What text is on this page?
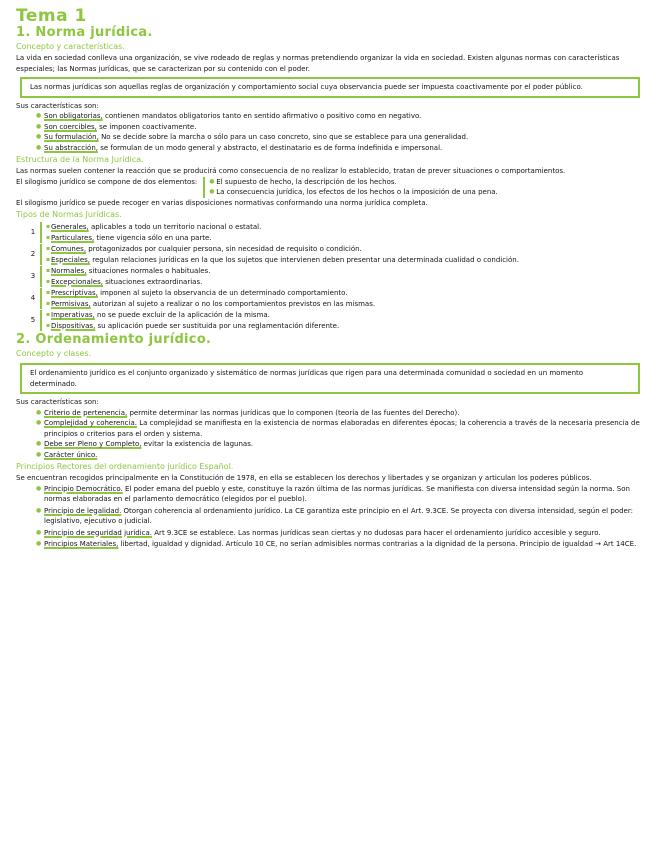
Tema 1
1. Norma jurídica.
Concepto y características.

La vida en sociedad conlleva una organización, se vive rodeado de reglas y normas pretendiendo organizar la vida en sociedad. Existen algunas normas con características especiales; las Normas jurídicas, que se caracterizan por su contenido con el poder.

Las normas jurídicas son aquellas reglas de organización y comportamiento social cuya observancia puede ser impuesta coactivamente por el poder público.
Sus características son:
● Son obligatorias, contienen mandatos obligatorios tanto en sentido afirmativo o positivo como en negativo.
● Son coercibles, se imponen coactivamente.
● Su formulación, No se decide sobre la marcha o sólo para un caso concreto, sino que se establece para una generalidad.
● Su abstracción, se formulan de un modo general y abstracto, el destinatario es de forma indefinida e impersonal.
Estructura de la Norma Jurídica.

Las normas suelen contener la reacción que se producirá como consecuencia de no realizar lo establecido, tratan de prever situaciones o comportamientos.

El silogismo jurídico se compone de dos elementos:
●	El supuesto de hecho, la descripción de los hechos.
● La consecuencia jurídica, los efectos de los hechos o la imposición de una pena.

El silogismo jurídico se puede recoger en varias disposiciones normativas conformando una norma jurídica completa.

Tipos de Normas Jurídicas.
1
▪ Generales, aplicables a todo un territorio nacional o estatal.
▪ Particulares, tiene vigencia sólo en una parte.
2
▪ Comunes, protagonizados por cualquier persona, sin necesidad de requisito o condición.
▪ Especiales, regulan relaciones jurídicas en la que los sujetos que intervienen deben presentar una determinada cualidad o condición.
3
▪ Normales, situaciones normales o habituales.
▪ Excepcionales, situaciones extraordinarias.
4
▪ Prescriptivas, imponen al sujeto la observancia de un determinado comportamiento.
▪ Permisivas, autorizan al sujeto a realizar o no los comportamientos previstos en las mismas.
5
▪ Imperativas, no se puede excluir de la aplicación de la misma.
▪ Dispositivas, su aplicación puede ser sustituida por una reglamentación diferente.
2. Ordenamiento jurídico.
Concepto y clases.
El ordenamiento jurídico es el conjunto organizado y sistemático de normas jurídicas que rigen para una determinada comunidad o sociedad en un momento determinado.
Sus características son:
● Criterio de pertenencia, permite determinar las normas jurídicas que lo componen (teoría de las fuentes del Derecho).
● Complejidad y coherencia. La complejidad se manifiesta en la existencia de normas elaboradas en diferentes épocas; la coherencia a través de la necesaria presencia de principios o criterios para el orden y sistema.
● Debe ser Pleno y Completo, evitar la existencia de lagunas.
● Carácter único.
Principios Rectores del ordenamiento jurídico Español.

Se encuentran recogidos principalmente en la Constitución de 1978, en ella se establecen los derechos y libertades y se organizan y articulan los poderes públicos.

● Principio Democrático. El poder emana del pueblo y este, constituye la razón última de las normas jurídicas. Se manifiesta con diversa intensidad según la norma. Son normas elaboradas en el parlamento democrático (elegidos por el pueblo).
● Principio de legalidad. Otorgan coherencia al ordenamiento jurídico. La CE garantiza este principio en el Art. 9.3CE. Se proyecta con diversa intensidad, según el poder: legislativo, ejecutivo o judicial.
● Principio de seguridad jurídica. Art 9.3CE se establece. Las normas jurídicas sean ciertas y no dudosas para hacer el ordenamiento jurídico accesible y seguro.
● Principios Materiales, libertad, igualdad y dignidad. Artículo 10 CE, no serían admisibles normas contrarias a la dignidad de la persona. Principio de igualdad → Art 14CE.
